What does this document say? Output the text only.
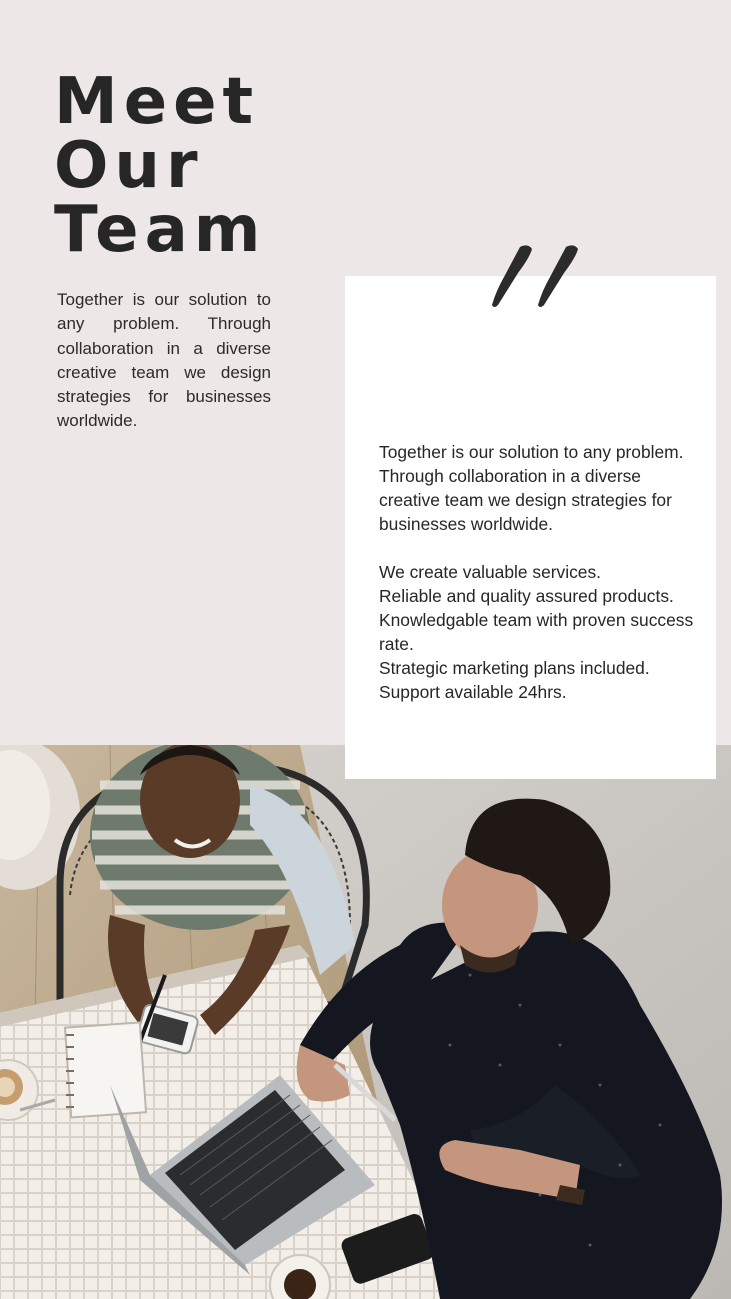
Meet
Our
Team

Together is our solution to any problem. Through collaboration in a diverse creative team we design strategies for businesses worldwide.

Together is our solution to any problem. Through collaboration in a diverse creative team we design strategies for businesses worldwide.

We create valuable services.
Reliable and quality assured products.
Knowledgable team with proven success rate.
Strategic marketing plans included.
Support available 24hrs.
